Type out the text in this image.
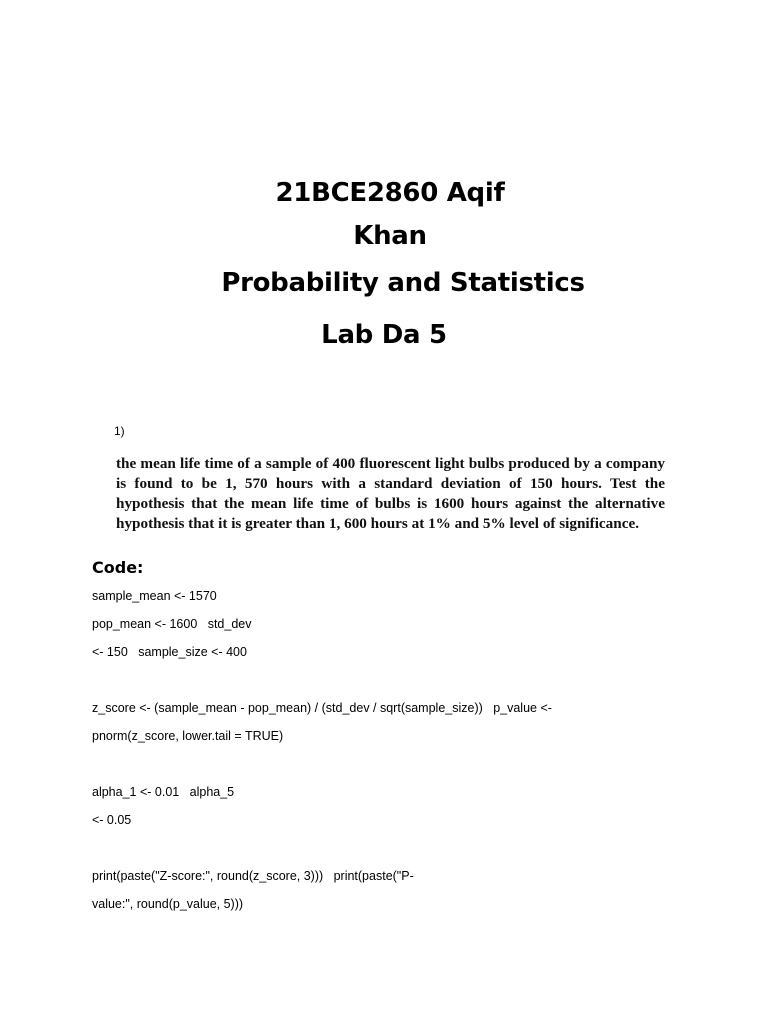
21BCE2860 Aqif
Khan
Probability and Statistics
Lab Da 5
1)

the mean life time of a sample of 400 fluorescent light bulbs produced by a company is found to be 1, 570 hours with a standard deviation of 150 hours. Test the hypothesis that the mean life time of bulbs is 1600 hours against the alternative hypothesis that it is greater than 1, 600 hours at 1% and 5% level of significance.

Code:
sample_mean <- 1570
pop_mean <- 1600   std_dev
<- 150   sample_size <- 400
z_score <- (sample_mean - pop_mean) / (std_dev / sqrt(sample_size))   p_value <-
pnorm(z_score, lower.tail = TRUE)
alpha_1 <- 0.01   alpha_5
<- 0.05
print(paste("Z-score:", round(z_score, 3)))   print(paste("P-
value:", round(p_value, 5)))
